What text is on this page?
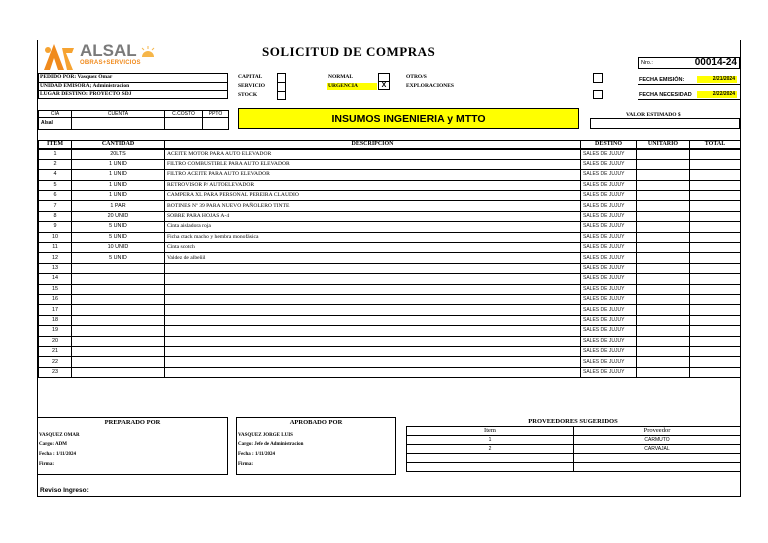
ALSAL
OBRAS+SERVICIOS
SOLICITUD DE COMPRAS
Nro.:	00014-24
FECHA EMISIÓN:	2/21/2024
FECHA NECESIDAD	2/22/2024
PEDIDO POR: Vasquez Omar
UNIDAD EMISORA; Administracion
LUGAR DESTINO: PROYECTO SDJ
CAPITAL
SERVICIO
STOCK
NORMAL
URGENCIA	X
OTRO/S
EXPLORACIONES
CIA	CUENTA	C.COSTO	PPTO
Alsal				INSUMOS INGENIERIA y MTTO	VALOR ESTIMADO $
ITEM	CANTIDAD	DESCRIPCION	DESTINO	UNITARIO	TOTAL
1	20LTS	ACEITE MOTOR PARA AUTO ELEVADOR	SALES DE JUJUY		
2	1 UNID	FILTRO COMBUSTIBLE PARA AUTO ELEVADOR	SALES DE JUJUY		
4	1 UNID	FILTRO ACEITE PARA AUTO ELEVADOR	SALES DE JUJUY		
5	1 UNID	RETROVISOR P/ AUTOELEVADOR	SALES DE JUJUY		
6	1 UNID	CAMPERA XL PARA PERSONAL PEREIRA CLAUDIO	SALES DE JUJUY		
7	1 PAR	BOTINES Nº 39 PARA NUEVO PAÑOLERO TINTE	SALES DE JUJUY		
8	20 UNID	SOBRE PARA HOJAS A-4	SALES DE JUJUY		
9	5 UNID	Cinta aisladora roja	SALES DE JUJUY		
10	5 UNID	Ficha ctack macho y hembra monofásica	SALES DE JUJUY		
11	10 UNID	Cinta scotch	SALES DE JUJUY		
12	5 UNID	Valdez de albeñil	SALES DE JUJUY		
13			SALES DE JUJUY		
14			SALES DE JUJUY		
15			SALES DE JUJUY		
16			SALES DE JUJUY		
17			SALES DE JUJUY		
18			SALES DE JUJUY		
19			SALES DE JUJUY		
20			SALES DE JUJUY		
21			SALES DE JUJUY		
22			SALES DE JUJUY		
23			SALES DE JUJUY		
PREPARADO POR
VASQUEZ OMAR
Cargo: ADM
Fecha : 1/11/2024
Firma:
APROBADO POR
VASQUEZ JORGE LUIS
Cargo: Jefe de Administracion
Fecha : 1/11/2024
Firma:
PROVEEDORES SUGERIDOS
Item	Proveedor
1	CARMUTO
2	CARVAJAL

Reviso Ingreso:
